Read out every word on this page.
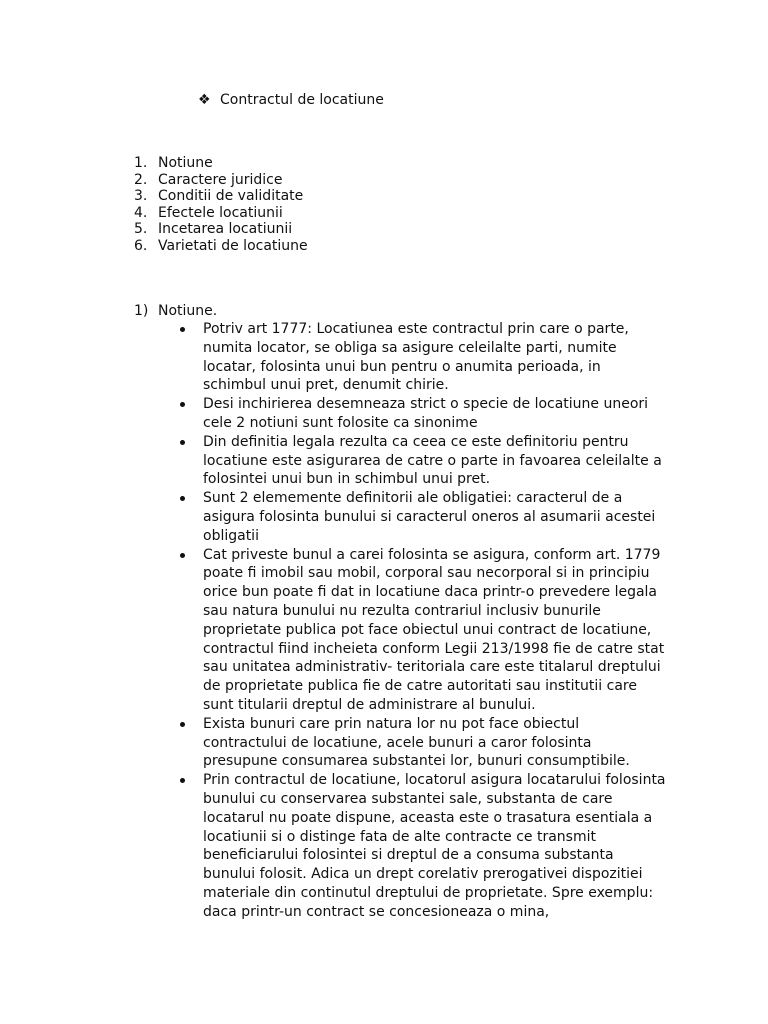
❖ Contractul de locatiune
1. Notiune
2. Caractere juridice
3. Conditii de validitate
4. Efectele locatiunii
5. Incetarea locatiunii
6. Varietati de locatiune
1) Notiune.
Potriv art 1777: Locatiunea este contractul prin care o parte, numita locator, se obliga sa asigure celeilalte parti, numite locatar, folosinta unui bun pentru o anumita perioada, in schimbul unui pret, denumit chirie.
Desi inchirierea desemneaza strict o specie de locatiune uneori cele 2 notiuni sunt folosite ca sinonime
Din definitia legala rezulta ca ceea ce este definitoriu pentru locatiune este asigurarea de catre o parte in favoarea celeilalte a folosintei unui bun in schimbul unui pret.
Sunt 2 elememente definitorii ale obligatiei: caracterul de a asigura folosinta bunului si caracterul oneros al asumarii acestei obligatii
Cat priveste bunul a carei folosinta se asigura, conform art. 1779 poate fi imobil sau mobil, corporal sau necorporal si in principiu orice bun poate fi dat in locatiune daca printr-o prevedere legala sau natura bunului nu rezulta contrariul inclusiv bunurile proprietate publica pot face obiectul unui contract de locatiune, contractul fiind incheieta conform Legii 213/1998 fie de catre stat sau unitatea administrativ- teritoriala care este titalarul dreptului de proprietate publica fie de catre autoritati sau institutii care sunt titularii dreptul de administrare al bunului.
Exista bunuri care prin natura lor nu pot face obiectul contractului de locatiune, acele bunuri a caror folosinta presupune consumarea substantei lor, bunuri consumptibile.
Prin contractul de locatiune, locatorul asigura locatarului folosinta bunului cu conservarea substantei sale, substanta de care locatarul nu poate dispune, aceasta este o trasatura esentiala a locatiunii si o distinge fata de alte contracte ce transmit beneficiarului folosintei si dreptul de a consuma substanta bunului folosit. Adica un drept corelativ prerogativei dispozitiei materiale din continutul dreptului de proprietate. Spre exemplu: daca printr-un contract se concesioneaza o mina,
